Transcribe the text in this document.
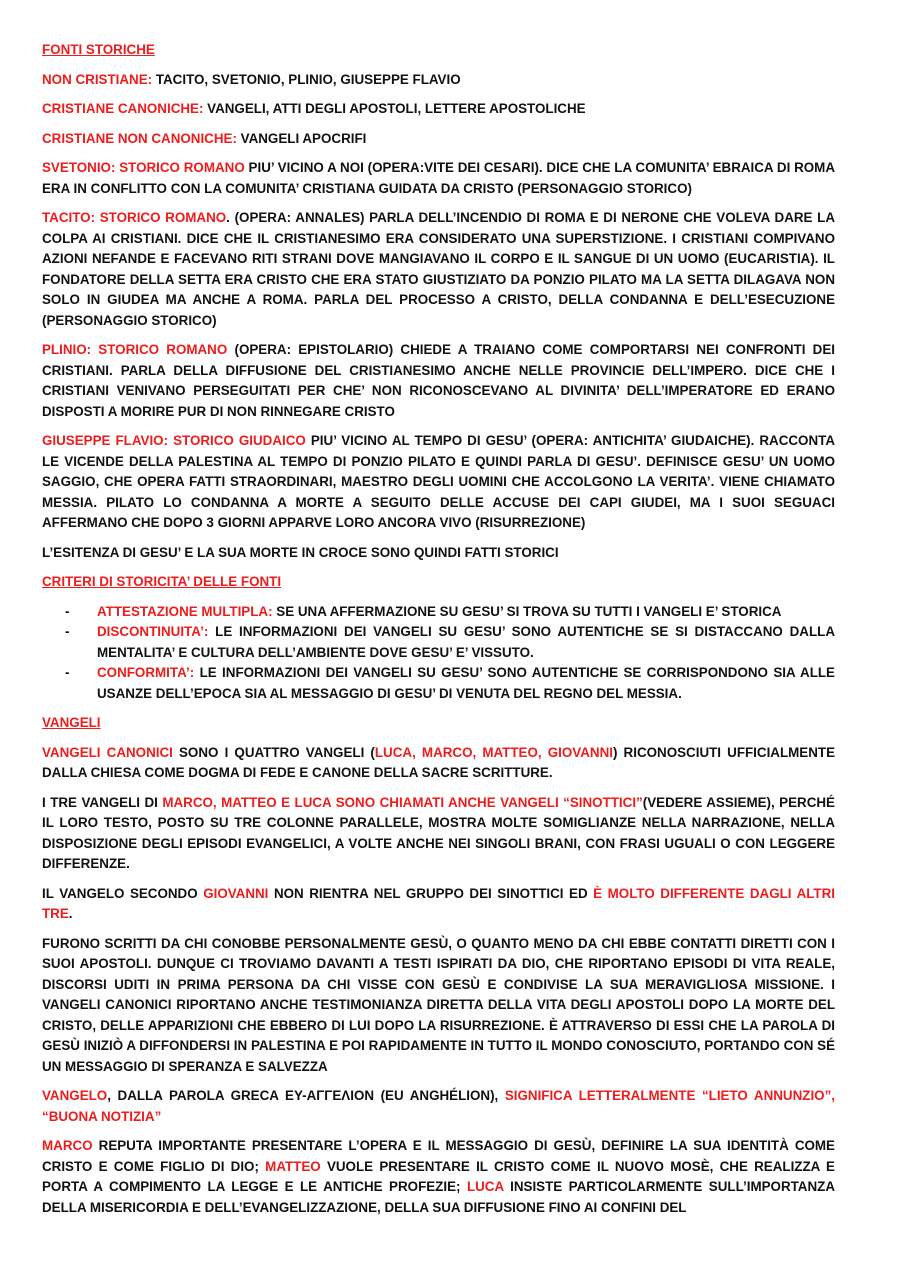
FONTI STORICHE

NON CRISTIANE: TACITO, SVETONIO, PLINIO, GIUSEPPE FLAVIO

CRISTIANE CANONICHE: VANGELI, ATTI DEGLI APOSTOLI, LETTERE APOSTOLICHE

CRISTIANE NON CANONICHE: VANGELI APOCRIFI

SVETONIO: STORICO ROMANO PIU’ VICINO A NOI (OPERA:VITE DEI CESARI). DICE CHE LA COMUNITA’ EBRAICA DI ROMA ERA IN CONFLITTO CON LA COMUNITA’ CRISTIANA GUIDATA DA CRISTO (PERSONAGGIO STORICO)

TACITO: STORICO ROMANO. (OPERA: ANNALES) PARLA DELL’INCENDIO DI ROMA E DI NERONE CHE VOLEVA DARE LA COLPA AI CRISTIANI. DICE CHE IL CRISTIANESIMO ERA CONSIDERATO UNA SUPERSTIZIONE. I CRISTIANI COMPIVANO AZIONI NEFANDE E FACEVANO RITI STRANI DOVE MANGIAVANO IL CORPO E IL SANGUE DI UN UOMO (EUCARISTIA). IL FONDATORE DELLA SETTA ERA CRISTO CHE ERA STATO GIUSTIZIATO DA PONZIO PILATO MA LA SETTA DILAGAVA NON SOLO IN GIUDEA MA ANCHE A ROMA. PARLA DEL PROCESSO A CRISTO, DELLA CONDANNA E DELL’ESECUZIONE (PERSONAGGIO STORICO)

PLINIO: STORICO ROMANO (OPERA: EPISTOLARIO) CHIEDE A TRAIANO COME COMPORTARSI NEI CONFRONTI DEI CRISTIANI. PARLA DELLA DIFFUSIONE DEL CRISTIANESIMO ANCHE NELLE PROVINCIE DELL’IMPERO. DICE CHE I CRISTIANI VENIVANO PERSEGUITATI PER CHE’ NON RICONOSCEVANO AL DIVINITA’ DELL’IMPERATORE ED ERANO DISPOSTI A MORIRE PUR DI NON RINNEGARE CRISTO

GIUSEPPE FLAVIO: STORICO GIUDAICO PIU’ VICINO AL TEMPO DI GESU’ (OPERA: ANTICHITA’ GIUDAICHE). RACCONTA LE VICENDE DELLA PALESTINA AL TEMPO DI PONZIO PILATO E QUINDI PARLA DI GESU’. DEFINISCE GESU’ UN UOMO SAGGIO, CHE OPERA FATTI STRAORDINARI, MAESTRO DEGLI UOMINI CHE ACCOLGONO LA VERITA’. VIENE CHIAMATO MESSIA. PILATO LO CONDANNA A MORTE A SEGUITO DELLE ACCUSE DEI CAPI GIUDEI, MA I SUOI SEGUACI AFFERMANO CHE DOPO 3 GIORNI APPARVE LORO ANCORA VIVO (RISURREZIONE)

L’ESITENZA DI GESU’ E LA SUA MORTE IN CROCE SONO QUINDI FATTI STORICI

CRITERI DI STORICITA’ DELLE FONTI

- ATTESTAZIONE MULTIPLA: SE UNA AFFERMAZIONE SU GESU’ SI TROVA SU TUTTI I VANGELI E’ STORICA
- DISCONTINUITA’: LE INFORMAZIONI DEI VANGELI SU GESU’ SONO AUTENTICHE SE SI DISTACCANO DALLA MENTALITA’ E CULTURA DELL’AMBIENTE DOVE GESU’ E’ VISSUTO.
- CONFORMITA’: LE INFORMAZIONI DEI VANGELI SU GESU’ SONO AUTENTICHE SE CORRISPONDONO SIA ALLE USANZE DELL’EPOCA SIA AL MESSAGGIO DI GESU’ DI VENUTA DEL REGNO DEL MESSIA.

VANGELI

VANGELI CANONICI SONO I QUATTRO VANGELI (LUCA, MARCO, MATTEO, GIOVANNI) RICONOSCIUTI UFFICIALMENTE DALLA CHIESA COME DOGMA DI FEDE E CANONE DELLA SACRE SCRITTURE.

I TRE VANGELI DI MARCO, MATTEO E LUCA SONO CHIAMATI ANCHE VANGELI “SINOTTICI”(VEDERE ASSIEME), PERCHÉ IL LORO TESTO, POSTO SU TRE COLONNE PARALLELE, MOSTRA MOLTE SOMIGLIANZE NELLA NARRAZIONE, NELLA DISPOSIZIONE DEGLI EPISODI EVANGELICI, A VOLTE ANCHE NEI SINGOLI BRANI, CON FRASI UGUALI O CON LEGGERE DIFFERENZE.

IL VANGELO SECONDO GIOVANNI NON RIENTRA NEL GRUPPO DEI SINOTTICI ED È MOLTO DIFFERENTE DAGLI ALTRI TRE.

FURONO SCRITTI DA CHI CONOBBE PERSONALMENTE GESÙ, O QUANTO MENO DA CHI EBBE CONTATTI DIRETTI CON I SUOI APOSTOLI. DUNQUE CI TROVIAMO DAVANTI A TESTI ISPIRATI DA DIO, CHE RIPORTANO EPISODI DI VITA REALE, DISCORSI UDITI IN PRIMA PERSONA DA CHI VISSE CON GESÙ E CONDIVISE LA SUA MERAVIGLIOSA MISSIONE. I VANGELI CANONICI RIPORTANO ANCHE TESTIMONIANZA DIRETTA DELLA VITA DEGLI APOSTOLI DOPO LA MORTE DEL CRISTO, DELLE APPARIZIONI CHE EBBERO DI LUI DOPO LA RISURREZIONE. È ATTRAVERSO DI ESSI CHE LA PAROLA DI GESÙ INIZIÒ A DIFFONDERSI IN PALESTINA E POI RAPIDAMENTE IN TUTTO IL MONDO CONOSCIUTO, PORTANDO CON SÉ UN MESSAGGIO DI SPERANZA E SALVEZZA

VANGELO, DALLA PAROLA GRECA EY-AΓΓEΛION (EU ANGHÉLION), SIGNIFICA LETTERALMENTE “LIETO ANNUNZIO”, “BUONA NOTIZIA”

MARCO REPUTA IMPORTANTE PRESENTARE L’OPERA E IL MESSAGGIO DI GESÙ, DEFINIRE LA SUA IDENTITÀ COME CRISTO E COME FIGLIO DI DIO; MATTEO VUOLE PRESENTARE IL CRISTO COME IL NUOVO MOSÈ, CHE REALIZZA E PORTA A COMPIMENTO LA LEGGE E LE ANTICHE PROFEZIE; LUCA INSISTE PARTICOLARMENTE SULL’IMPORTANZA DELLA MISERICORDIA E DELL’EVANGELIZZAZIONE, DELLA SUA DIFFUSIONE FINO AI CONFINI DEL
